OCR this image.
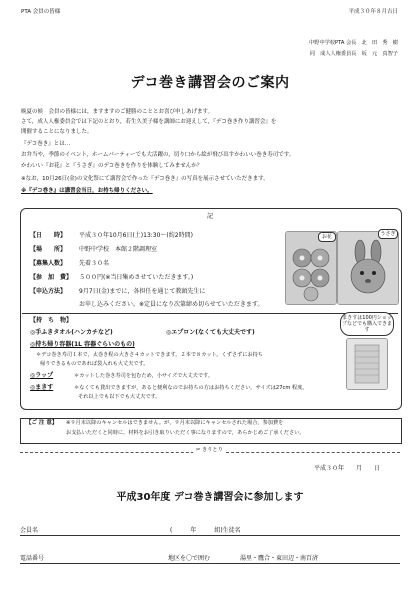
PTA 会員の皆様	平成３０年８月吉日
中野中学校PTA 会長　北　田　秀　樹
同　成人人権委員長　坂　元　真智子
デコ巻き講習会のご案内
晩夏の候　会員の皆様には，ますますのご健勝のこととお喜び申しあげます。
さて，成人人権委員会では下記のとおり，若生久美子様を講師にお迎えして，『デコ巻き作り講習会』を
開催することになりました。
『デコ巻き』とは…
お弁当や，季節のイベント，ホームパーティーでも大活躍の，切り口から絵が飛び出すかわいい巻き寿司です。
かわいい『お花』と『うさぎ』のデコ巻きを作りを体験してみませんか？
※なお，10月26日(金)の文化祭にて講習会で作った『デコ巻き』の写真を展示させていただきます。
※『デコ巻き』は講習会当日，お持ち帰りください。
記
【日　　時】	平成３０年10月6日(土)13:30～(約2時間)
【場　　所】	中野中学校　本館２階調理室
【募集人数】	先着３０名
【参　加　費】 ５００円(※当日集めさせていただきます。)
【申込方法】	9月7日(金)までに，各担任を通じて教頭先生に
お申し込みください。※定員になり次第締め切らせていただきます。
お花	うさぎ
【持　ち　物】
◎手ふきタオル(ハンカチなど)	◎エプロン(なくても大丈夫です)
◎持ち帰り容器(1L 容器ぐらいのもの)
＊デコ巻き寿司１本で，太巻き程の大きさ４カットできます。２本で８カット。くずさずにお持ち
帰りできるものであれば袋入れも大丈夫です。
◎ラップ	＊カットした巻き寿司を包むため，小サイズで大丈夫です。
◎まきす	＊なくても貸出できますが，あると便利なのでお持ちの方はお持ちください。サイズは27cm 程度。
それ以上でも以下でも大丈夫です。
まきすは100円ショップなどでも購入できます
【ご 注 意】 ※９月末以降のキャンセルはできません。が，９月末以降にキャンセルされた場合，参加費を
お支払いただくと同時に，材料をお引き取りいただく事になりますので，あらかじめご了承ください。
✂ きりとり
平成３０年　　月　　日
平成30年度 デコ巻き講習会に参加します
会員名	(　　　年　　　組)生徒名
電話番号	地区を〇で囲む	湯里・鷹合・東田辺・南百済
